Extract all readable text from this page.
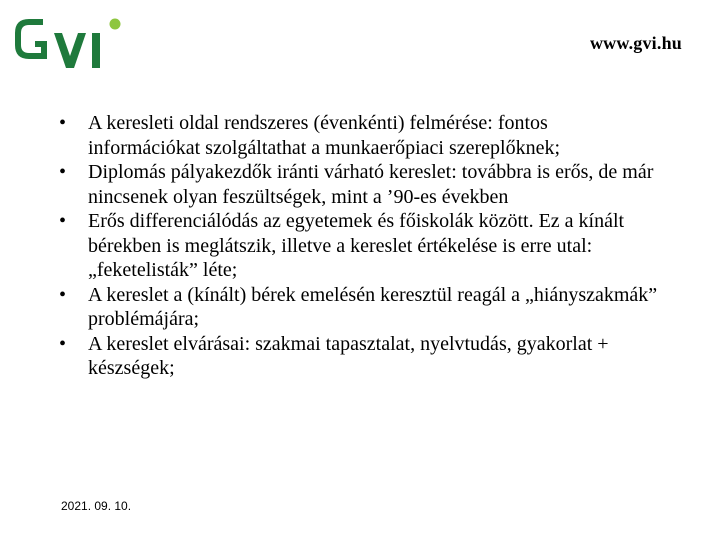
www.gvi.hu
• A keresleti oldal rendszeres (évenkénti) felmérése: fontos információkat szolgáltathat a munkaerőpiaci szereplőknek;
• Diplomás pályakezdők iránti várható kereslet: továbbra is erős, de már nincsenek olyan feszültségek, mint a ’90-es években
• Erős differenciálódás az egyetemek és főiskolák között. Ez a kínált bérekben is meglátszik, illetve a kereslet értékelése is erre utal: „feketelisták” léte;
• A kereslet a (kínált) bérek emelésén keresztül reagál a „hiányszakmák” problémájára;
• A kereslet elvárásai: szakmai tapasztalat, nyelvtudás, gyakorlat + készségek;
2021. 09. 10.
